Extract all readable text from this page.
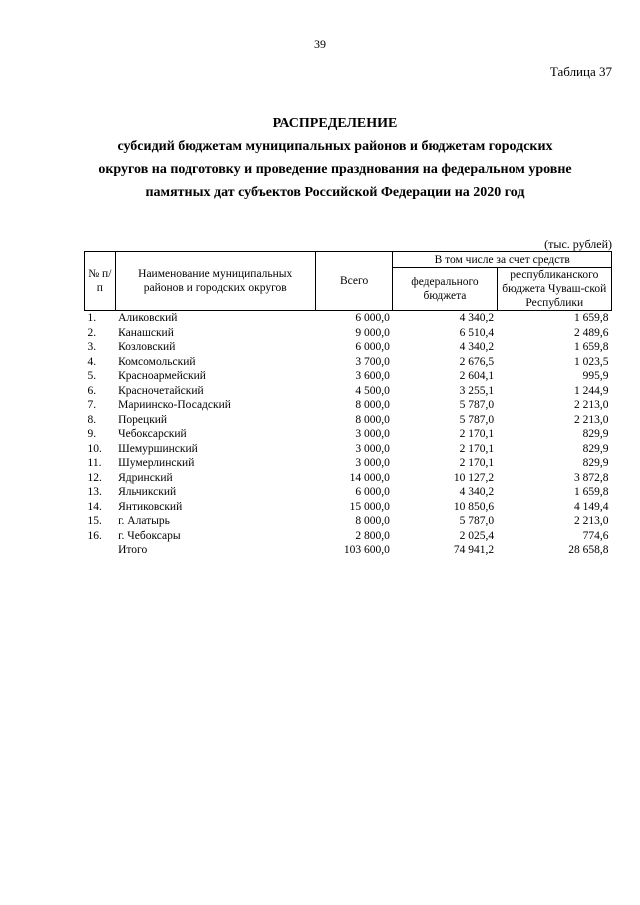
39
Таблица 37
РАСПРЕДЕЛЕНИЕ
субсидий бюджетам муниципальных районов и бюджетам городских
округов на подготовку и проведение празднования на федеральном уровне
памятных дат субъектов Российской Федерации на 2020 год
(тыс. рублей)
№ п/п	Наименование муниципальных районов и городских округов	Всего	В том числе за счет средств	
			федерального бюджета	республиканского бюджета Чуваш-ской Республики
1.	Аликовский	6 000,0	4 340,2	1 659,8
2.	Канашский	9 000,0	6 510,4	2 489,6
3.	Козловский	6 000,0	4 340,2	1 659,8
4.	Комсомольский	3 700,0	2 676,5	1 023,5
5.	Красноармейский	3 600,0	2 604,1	995,9
6.	Красночетайский	4 500,0	3 255,1	1 244,9
7.	Мариинско-Посадский	8 000,0	5 787,0	2 213,0
8.	Порецкий	8 000,0	5 787,0	2 213,0
9.	Чебоксарский	3 000,0	2 170,1	829,9
10.	Шемуршинский	3 000,0	2 170,1	829,9
11.	Шумерлинский	3 000,0	2 170,1	829,9
12.	Ядринский	14 000,0	10 127,2	3 872,8
13.	Яльчикский	6 000,0	4 340,2	1 659,8
14.	Янтиковский	15 000,0	10 850,6	4 149,4
15.	г. Алатырь	8 000,0	5 787,0	2 213,0
16.	г. Чебоксары	2 800,0	2 025,4	774,6
	Итого	103 600,0	74 941,2	28 658,8
